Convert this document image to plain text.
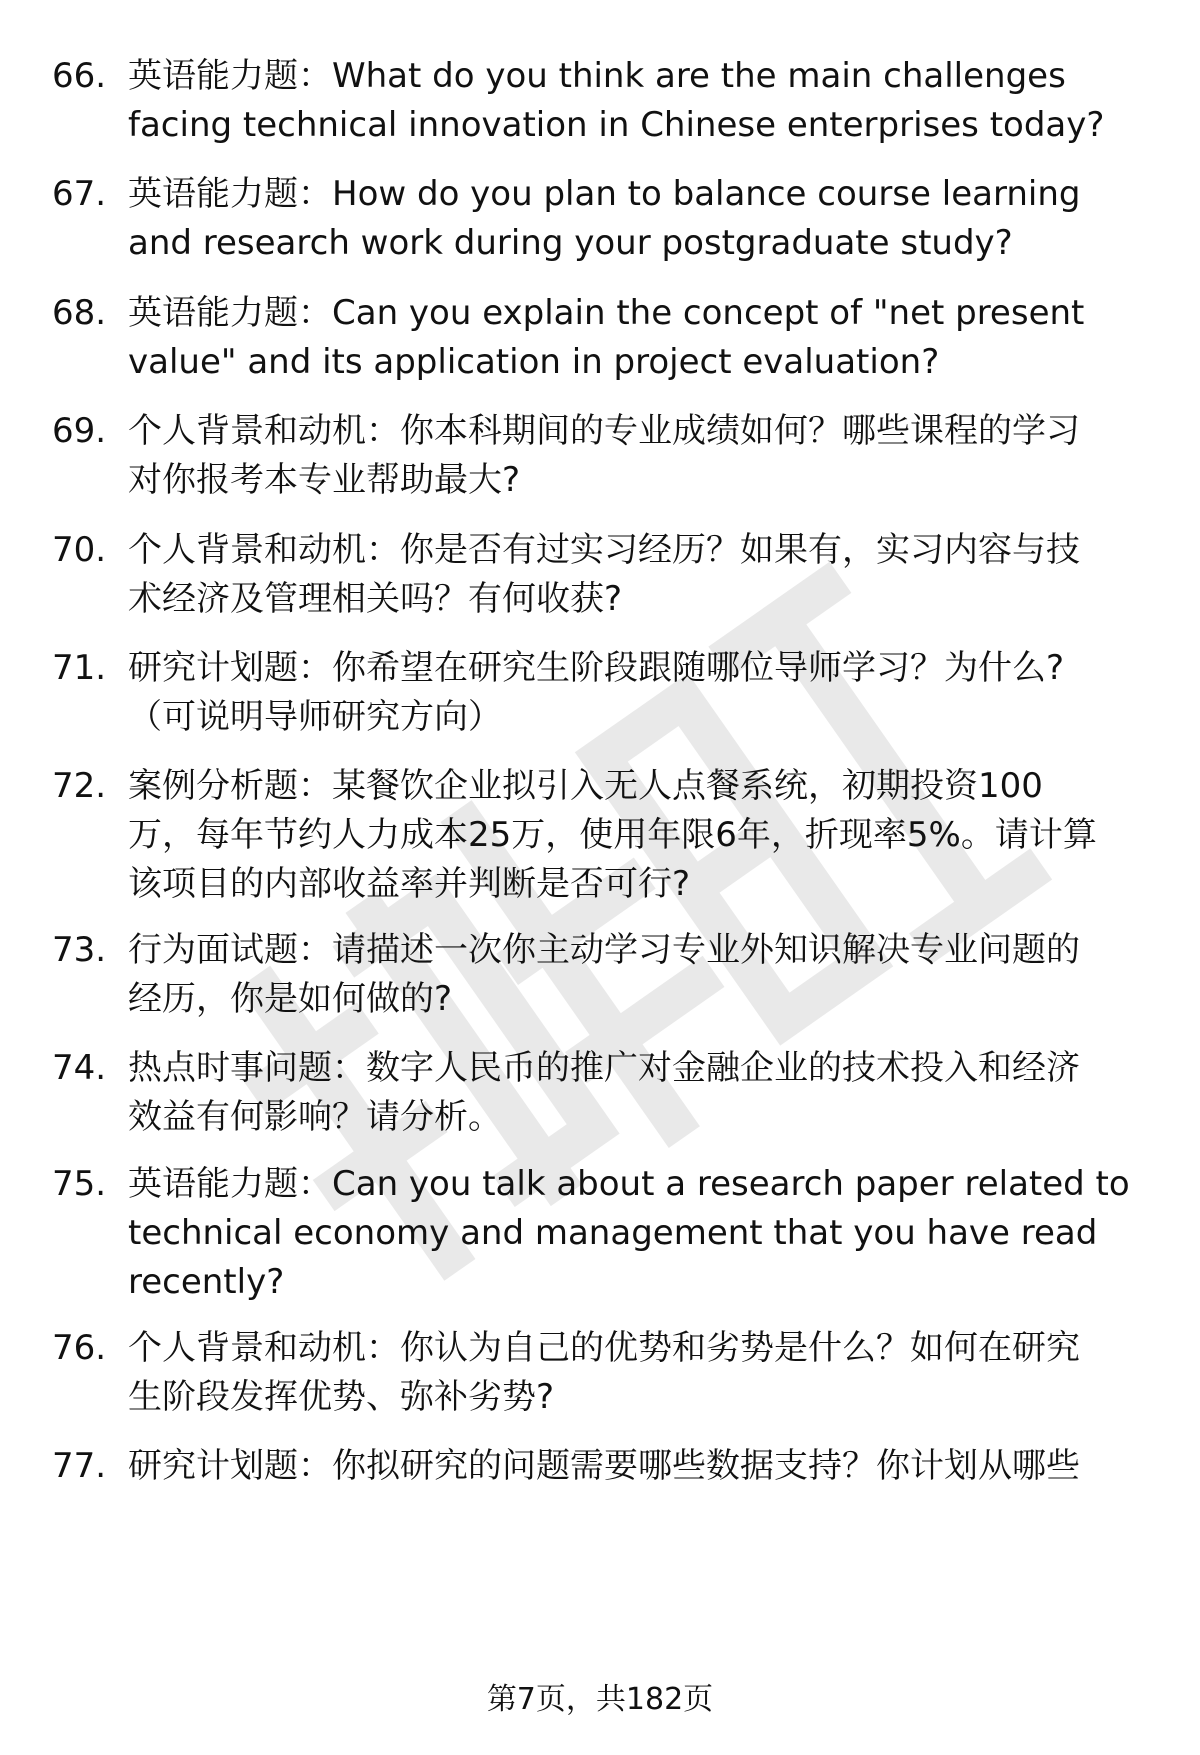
66. 英语能力题：What do you think are the main challenges
facing technical innovation in Chinese enterprises today?
67. 英语能力题：How do you plan to balance course learning
and research work during your postgraduate study?
68. 英语能力题：Can you explain the concept of "net present
value" and its application in project evaluation?
69. 个人背景和动机：你本科期间的专业成绩如何？哪些课程的学习
对你报考本专业帮助最大?
70. 个人背景和动机：你是否有过实习经历？如果有，实习内容与技
术经济及管理相关吗？有何收获?
71. 研究计划题：你希望在研究生阶段跟随哪位导师学习？为什么?
（可说明导师研究方向）
72. 案例分析题：某餐饮企业拟引入无人点餐系统，初期投资100
万，每年节约人力成本25万，使用年限6年，折现率5%。请计算
该项目的内部收益率并判断是否可行?
73. 行为面试题：请描述一次你主动学习专业外知识解决专业问题的
经历，你是如何做的?
74. 热点时事问题：数字人民币的推广对金融企业的技术投入和经济
效益有何影响？请分析。
75. 英语能力题：Can you talk about a research paper related to
technical economy and management that you have read
recently?
76. 个人背景和动机：你认为自己的优势和劣势是什么？如何在研究
生阶段发挥优势、弥补劣势?
77. 研究计划题：你拟研究的问题需要哪些数据支持？你计划从哪些
第7页，共182页
